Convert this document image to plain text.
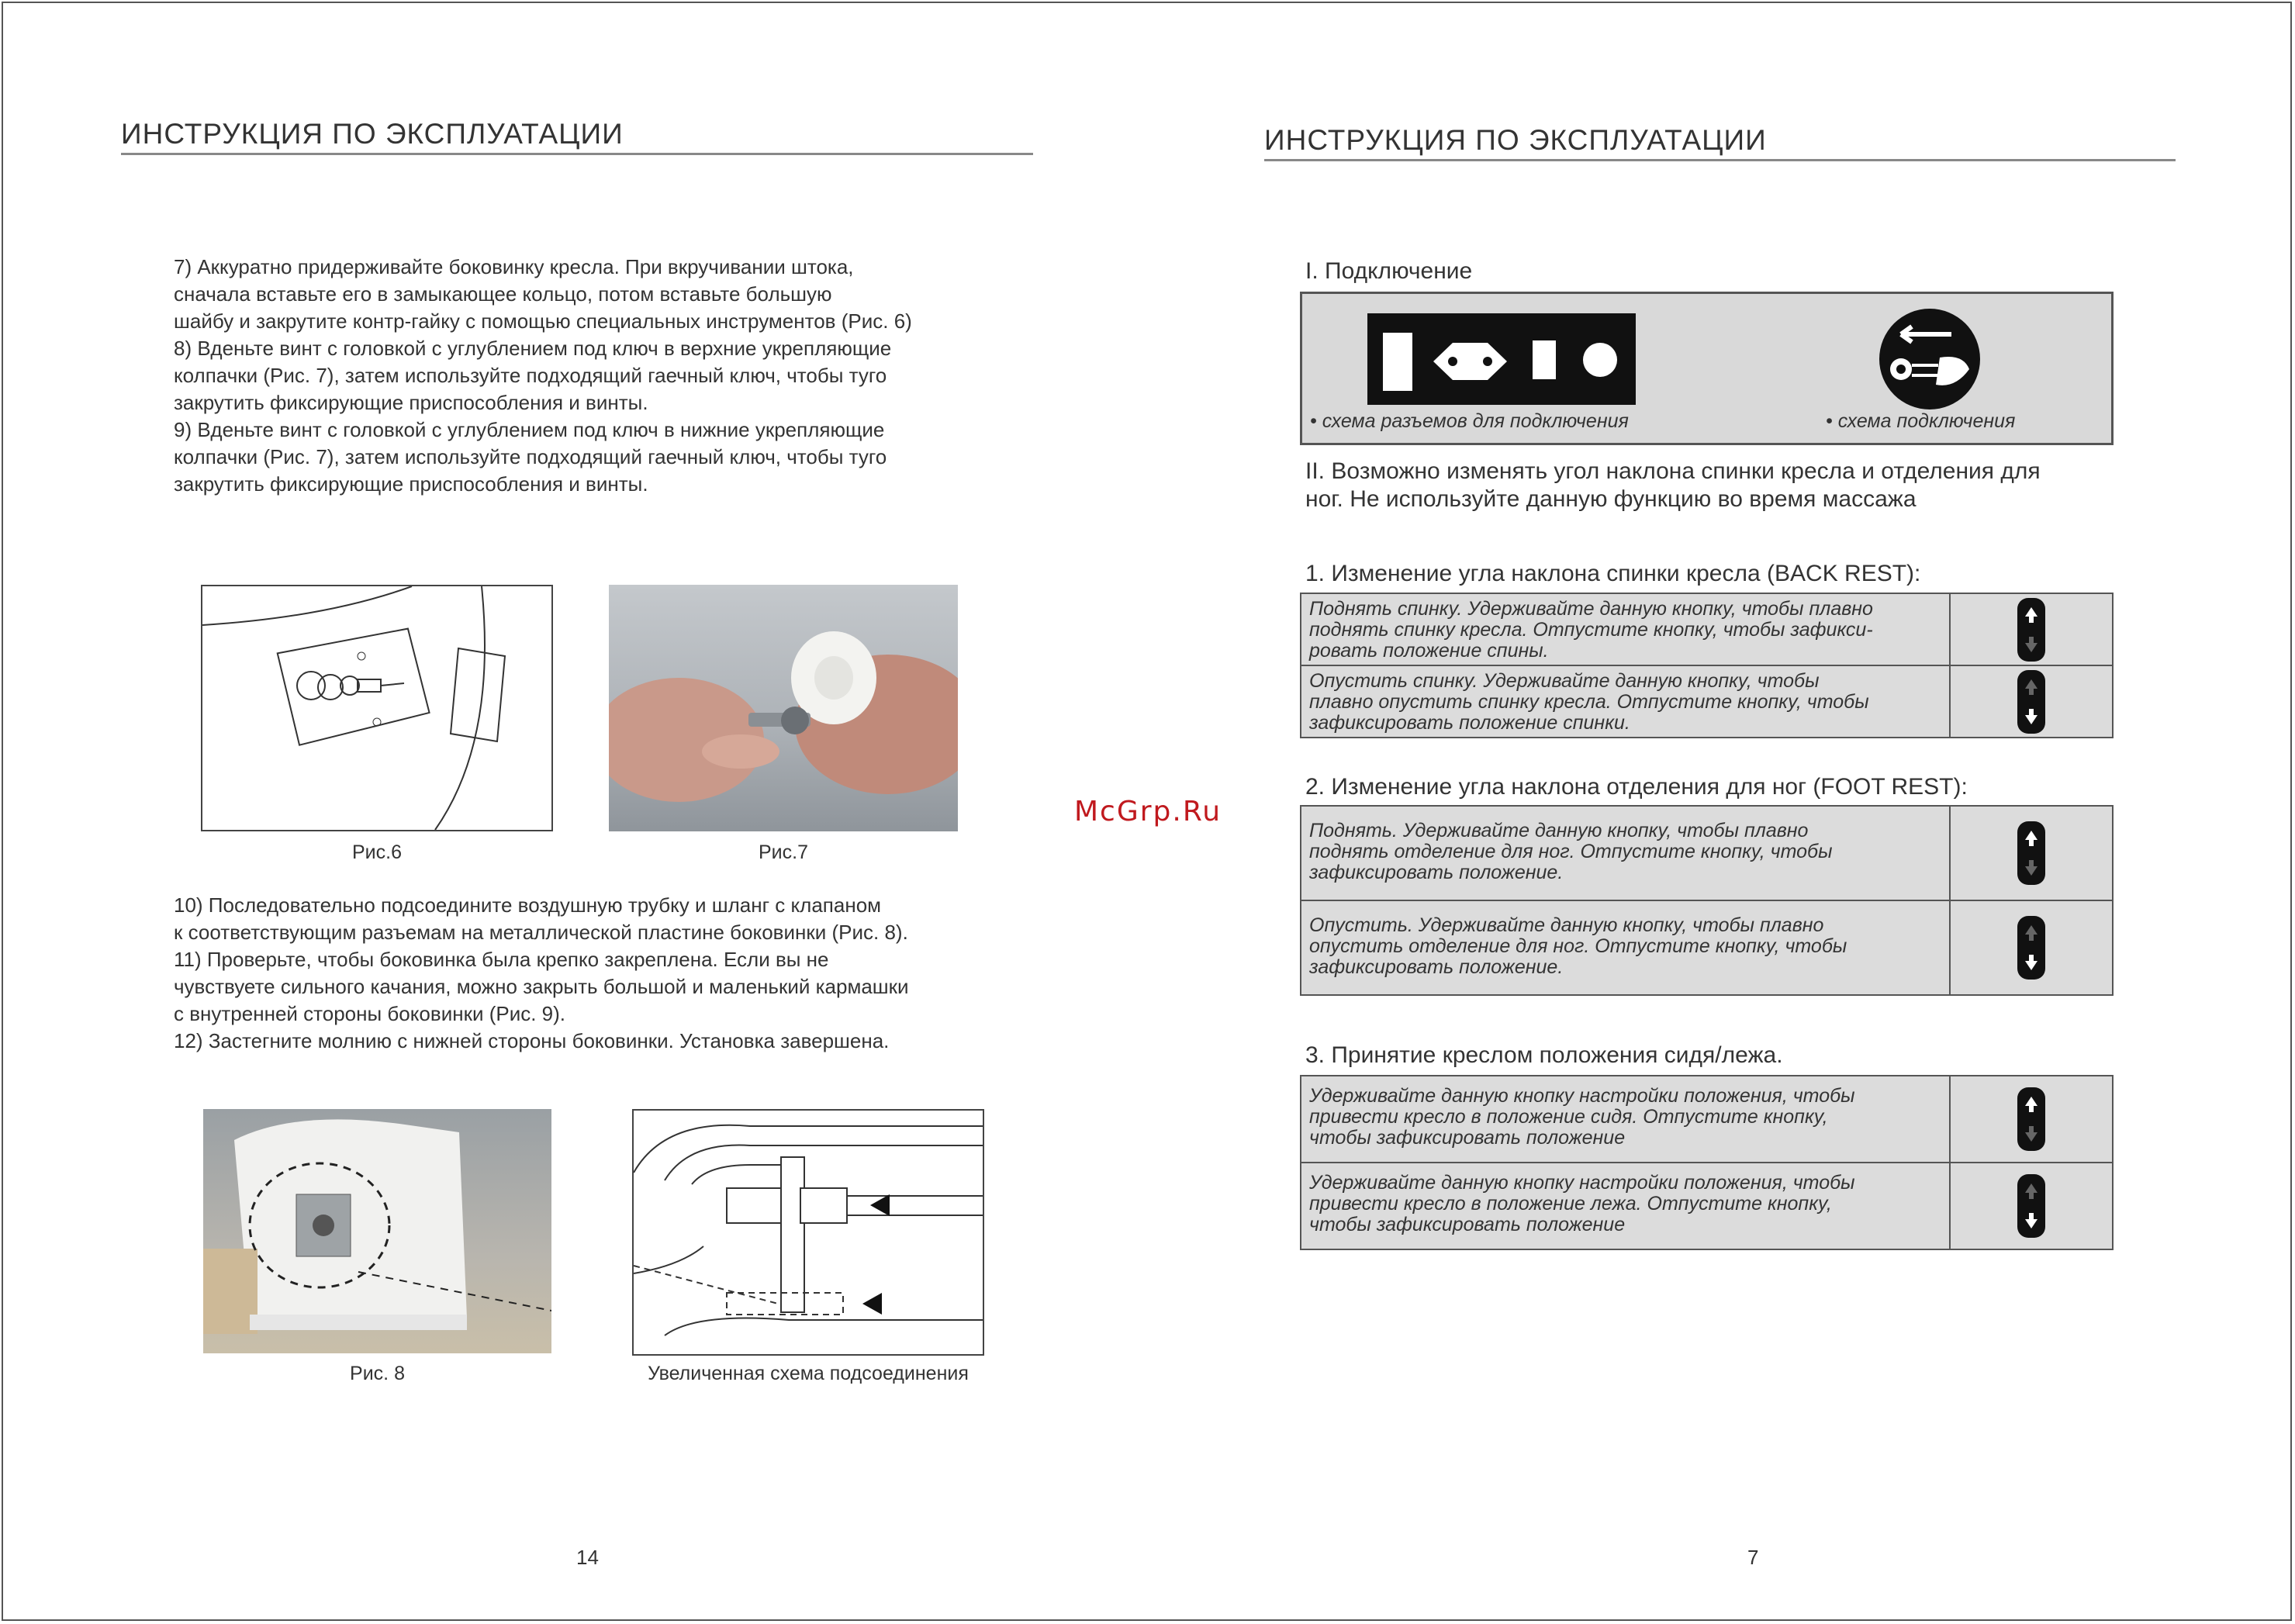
ИНСТРУКЦИЯ ПО ЭКСПЛУАТАЦИИ
7) Аккуратно придерживайте боковинку кресла. При вкручивании штока,
сначала вставьте его в замыкающее кольцо, потом вставьте большую
шайбу и закрутите контр-гайку с помощью специальных инструментов (Рис. 6)
8) Вденьте винт с головкой с углублением под ключ в верхние укрепляющие
колпачки (Рис. 7), затем используйте подходящий гаечный ключ, чтобы туго
закрутить фиксирующие приспособления и винты.
9) Вденьте винт с головкой с углублением под ключ в нижние укрепляющие
колпачки (Рис. 7), затем используйте подходящий гаечный ключ, чтобы туго
закрутить фиксирующие приспособления и винты.
Рис.6	Рис.7
10) Последовательно подсоедините воздушную трубку и шланг с клапаном
к соответствующим разъемам на металлической пластине боковинки (Рис. 8).
11) Проверьте, чтобы боковинка была крепко закреплена. Если вы не
чувствуете сильного качания, можно закрыть большой и маленький кармашки
с внутренней стороны боковинки (Рис. 9).
12) Застегните молнию с нижней стороны боковинки. Установка завершена.
Рис. 8	Увеличенная схема подсоединения
14
McGrp.Ru
ИНСТРУКЦИЯ ПО ЭКСПЛУАТАЦИИ
I. Подключение
• схема разъемов для подключения	• схема подключения
II. Возможно изменять угол наклона спинки кресла и отделения для
ног. Не используйте данную функцию во время массажа
1. Изменение угла наклона спинки кресла (BACK REST):
Поднять спинку. Удерживайте данную кнопку, чтобы плавно
поднять спинку кресла. Отпустите кнопку, чтобы зафикси-
ровать положение спины.

Опустить спинку. Удерживайте данную кнопку, чтобы
плавно опустить спинку кресла. Отпустите кнопку, чтобы
зафиксировать положение спинки.

2. Изменение угла наклона отделения для ног (FOOT REST):
Поднять. Удерживайте данную кнопку, чтобы плавно
поднять отделение для ног. Отпустите кнопку, чтобы
зафиксировать положение.

Опустить. Удерживайте данную кнопку, чтобы плавно
опустить отделение для ног. Отпустите кнопку, чтобы
зафиксировать положение.

3. Принятие креслом положения сидя/лежа.
Удерживайте данную кнопку настройки положения, чтобы
привести кресло в положение сидя. Отпустите кнопку,
чтобы зафиксировать положение

Удерживайте данную кнопку настройки положения, чтобы
привести кресло в положение лежа. Отпустите кнопку,
чтобы зафиксировать положение

7
